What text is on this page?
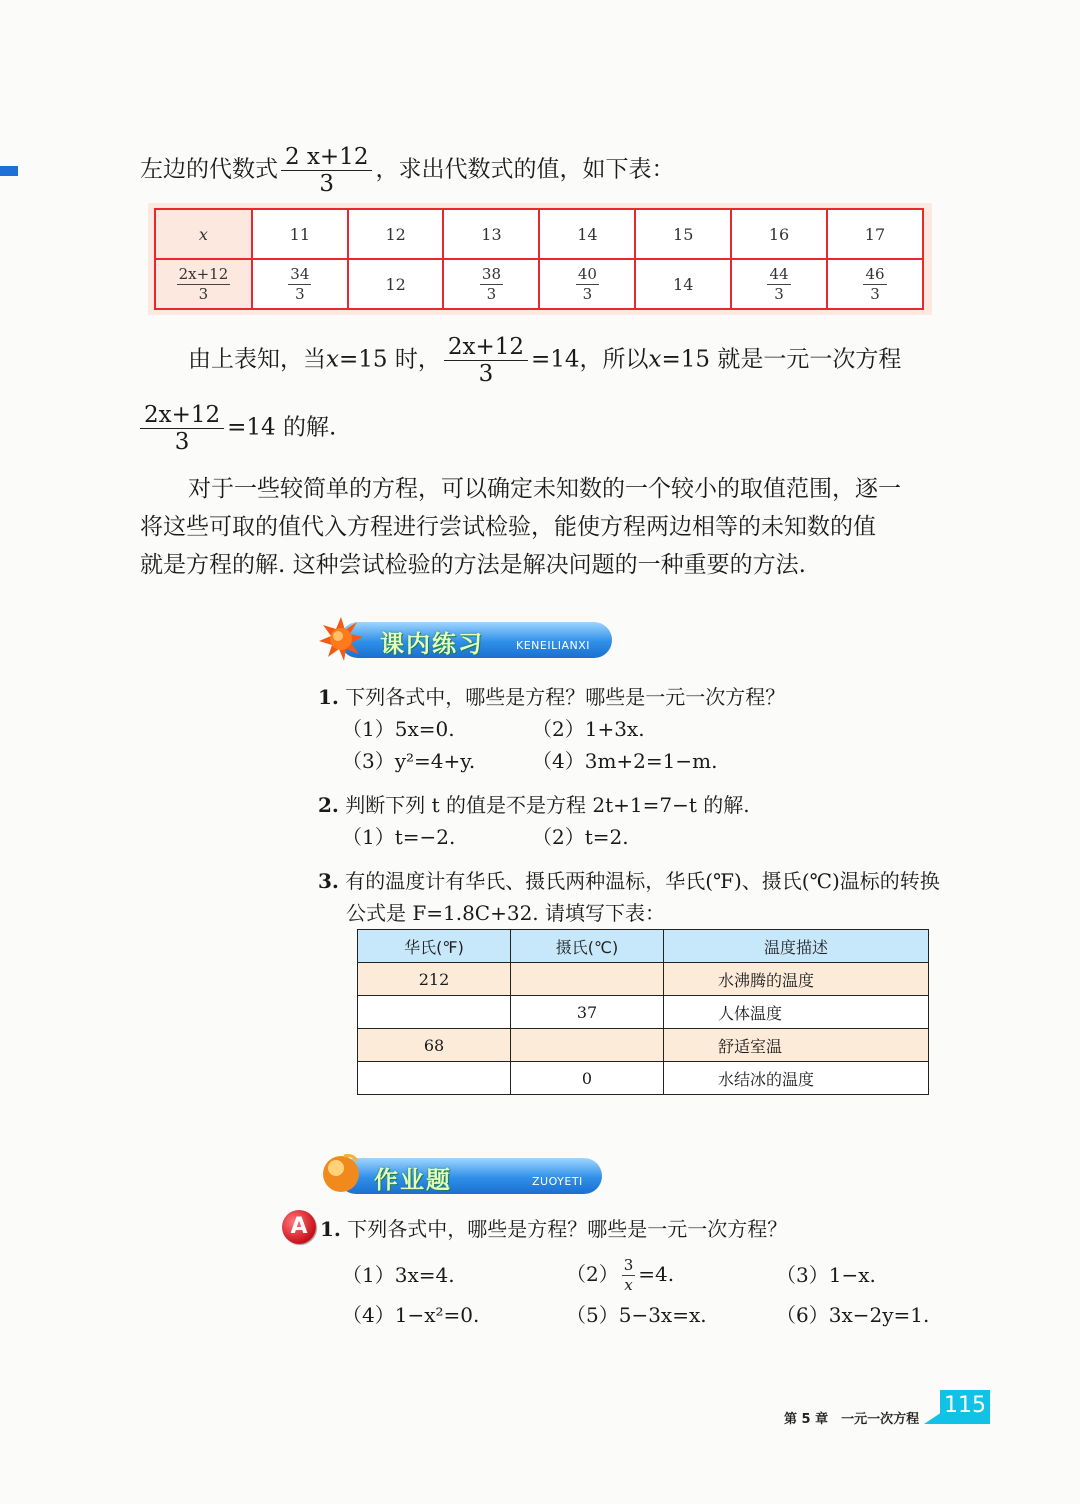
左边的代数式 $\frac{2 x+12}{3}$ ，求出代数式的值，如下表：
x	11	12	13	14	15	16	17

$\frac{2x+12}{3}$	$\frac{34}{3}$	12	$\frac{38}{3}$	$\frac{40}{3}$	14	$\frac{44}{3}$	$\frac{46}{3}$
由上表知，当x=15 时， $\frac{2x+12}{3} =14$，所以x=15 就是一元一次方程
$\frac{2x+12}{3} =14$ 的解.
对于一些较简单的方程，可以确定未知数的一个较小的取值范围，逐一
将这些可取的值代入方程进行尝试检验，能使方程两边相等的未知数的值
就是方程的解. 这种尝试检验的方法是解决问题的一种重要的方法.
课内练习	KENEILIANXI
1. 下列各式中，哪些是方程？哪些是一元一次方程？
（1）5x=0.	（2）1+3x.
（3）y²=4+y.	（4）3m+2=1−m.
2. 判断下列 t 的值是不是方程 2t+1=7−t 的解.
（1）t=−2.	（2）t=2.
3. 有的温度计有华氏、摄氏两种温标，华氏(℉)、摄氏(℃)温标的转换
公式是 F=1.8C+32. 请填写下表：
华氏(℉)	摄氏(℃)	温度描述
212		水沸腾的温度
	37	人体温度
68		舒适室温
	0	水结冰的温度
作业题	ZUOYETI
A 1. 下列各式中，哪些是方程？哪些是一元一次方程？
（1）3x=4.	$(2) \frac{3}{x} =4$.	（3）1−x.
（4）1−x²=0.	（5）5−3x=x.	（6）3x−2y=1.
第 5 章　一元一次方程
115
